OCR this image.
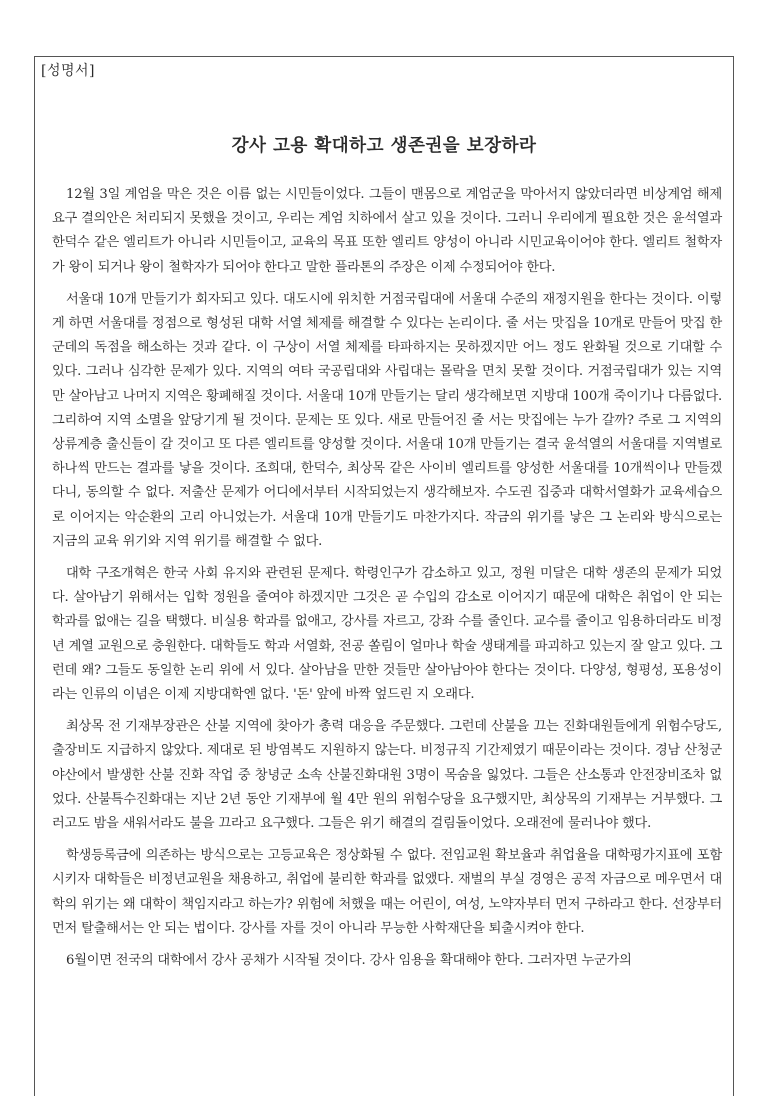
[성명서]
강사 고용 확대하고 생존권을 보장하라

12월 3일 계엄을 막은 것은 이름 없는 시민들이었다. 그들이 맨몸으로 계엄군을 막아서지 않았더라면 비상계엄 해제 요구 결의안은 처리되지 못했을 것이고, 우리는 계엄 치하에서 살고 있을 것이다. 그러니 우리에게 필요한 것은 윤석열과 한덕수 같은 엘리트가 아니라 시민들이고, 교육의 목표 또한 엘리트 양성이 아니라 시민교육이어야 한다. 엘리트 철학자가 왕이 되거나 왕이 철학자가 되어야 한다고 말한 플라톤의 주장은 이제 수정되어야 한다.

서울대 10개 만들기가 회자되고 있다. 대도시에 위치한 거점국립대에 서울대 수준의 재정지원을 한다는 것이다. 이렇게 하면 서울대를 정점으로 형성된 대학 서열 체제를 해결할 수 있다는 논리이다. 줄 서는 맛집을 10개로 만들어 맛집 한 군데의 독점을 해소하는 것과 같다. 이 구상이 서열 체제를 타파하지는 못하겠지만 어느 정도 완화될 것으로 기대할 수 있다. 그러나 심각한 문제가 있다. 지역의 여타 국공립대와 사립대는 몰락을 면치 못할 것이다. 거점국립대가 있는 지역만 살아남고 나머지 지역은 황폐해질 것이다. 서울대 10개 만들기는 달리 생각해보면 지방대 100개 죽이기나 다름없다. 그리하여 지역 소멸을 앞당기게 될 것이다. 문제는 또 있다. 새로 만들어진 줄 서는 맛집에는 누가 갈까? 주로 그 지역의 상류계층 출신들이 갈 것이고 또 다른 엘리트를 양성할 것이다. 서울대 10개 만들기는 결국 윤석열의 서울대를 지역별로 하나씩 만드는 결과를 낳을 것이다. 조희대, 한덕수, 최상목 같은 사이비 엘리트를 양성한 서울대를 10개씩이나 만들겠다니, 동의할 수 없다. 저출산 문제가 어디에서부터 시작되었는지 생각해보자. 수도권 집중과 대학서열화가 교육세습으로 이어지는 악순환의 고리 아니었는가. 서울대 10개 만들기도 마찬가지다. 작금의 위기를 낳은 그 논리와 방식으로는 지금의 교육 위기와 지역 위기를 해결할 수 없다.

대학 구조개혁은 한국 사회 유지와 관련된 문제다. 학령인구가 감소하고 있고, 정원 미달은 대학 생존의 문제가 되었다. 살아남기 위해서는 입학 정원을 줄여야 하겠지만 그것은 곧 수입의 감소로 이어지기 때문에 대학은 취업이 안 되는 학과를 없애는 길을 택했다. 비실용 학과를 없애고, 강사를 자르고, 강좌 수를 줄인다. 교수를 줄이고 임용하더라도 비정년 계열 교원으로 충원한다. 대학들도 학과 서열화, 전공 쏠림이 얼마나 학술 생태계를 파괴하고 있는지 잘 알고 있다. 그런데 왜? 그들도 동일한 논리 위에 서 있다. 살아남을 만한 것들만 살아남아야 한다는 것이다. 다양성, 형평성, 포용성이라는 인류의 이념은 이제 지방대학엔 없다. '돈' 앞에 바짝 엎드린 지 오래다.

최상목 전 기재부장관은 산불 지역에 찾아가 총력 대응을 주문했다. 그런데 산불을 끄는 진화대원들에게 위험수당도, 출장비도 지급하지 않았다. 제대로 된 방염복도 지원하지 않는다. 비정규직 기간제였기 때문이라는 것이다. 경남 산청군 야산에서 발생한 산불 진화 작업 중 창녕군 소속 산불진화대원 3명이 목숨을 잃었다. 그들은 산소통과 안전장비조차 없었다. 산불특수진화대는 지난 2년 동안 기재부에 월 4만 원의 위험수당을 요구했지만, 최상목의 기재부는 거부했다. 그러고도 밤을 새워서라도 불을 끄라고 요구했다. 그들은 위기 해결의 걸림돌이었다. 오래전에 물러나야 했다.

학생등록금에 의존하는 방식으로는 고등교육은 정상화될 수 없다. 전임교원 확보율과 취업율을 대학평가지표에 포함시키자 대학들은 비정년교원을 채용하고, 취업에 불리한 학과를 없앴다. 재벌의 부실 경영은 공적 자금으로 메우면서 대학의 위기는 왜 대학이 책임지라고 하는가? 위험에 처했을 때는 어린이, 여성, 노약자부터 먼저 구하라고 한다. 선장부터 먼저 탈출해서는 안 되는 법이다. 강사를 자를 것이 아니라 무능한 사학재단을 퇴출시켜야 한다.

6월이면 전국의 대학에서 강사 공채가 시작될 것이다. 강사 임용을 확대해야 한다. 그러자면 누군가의
